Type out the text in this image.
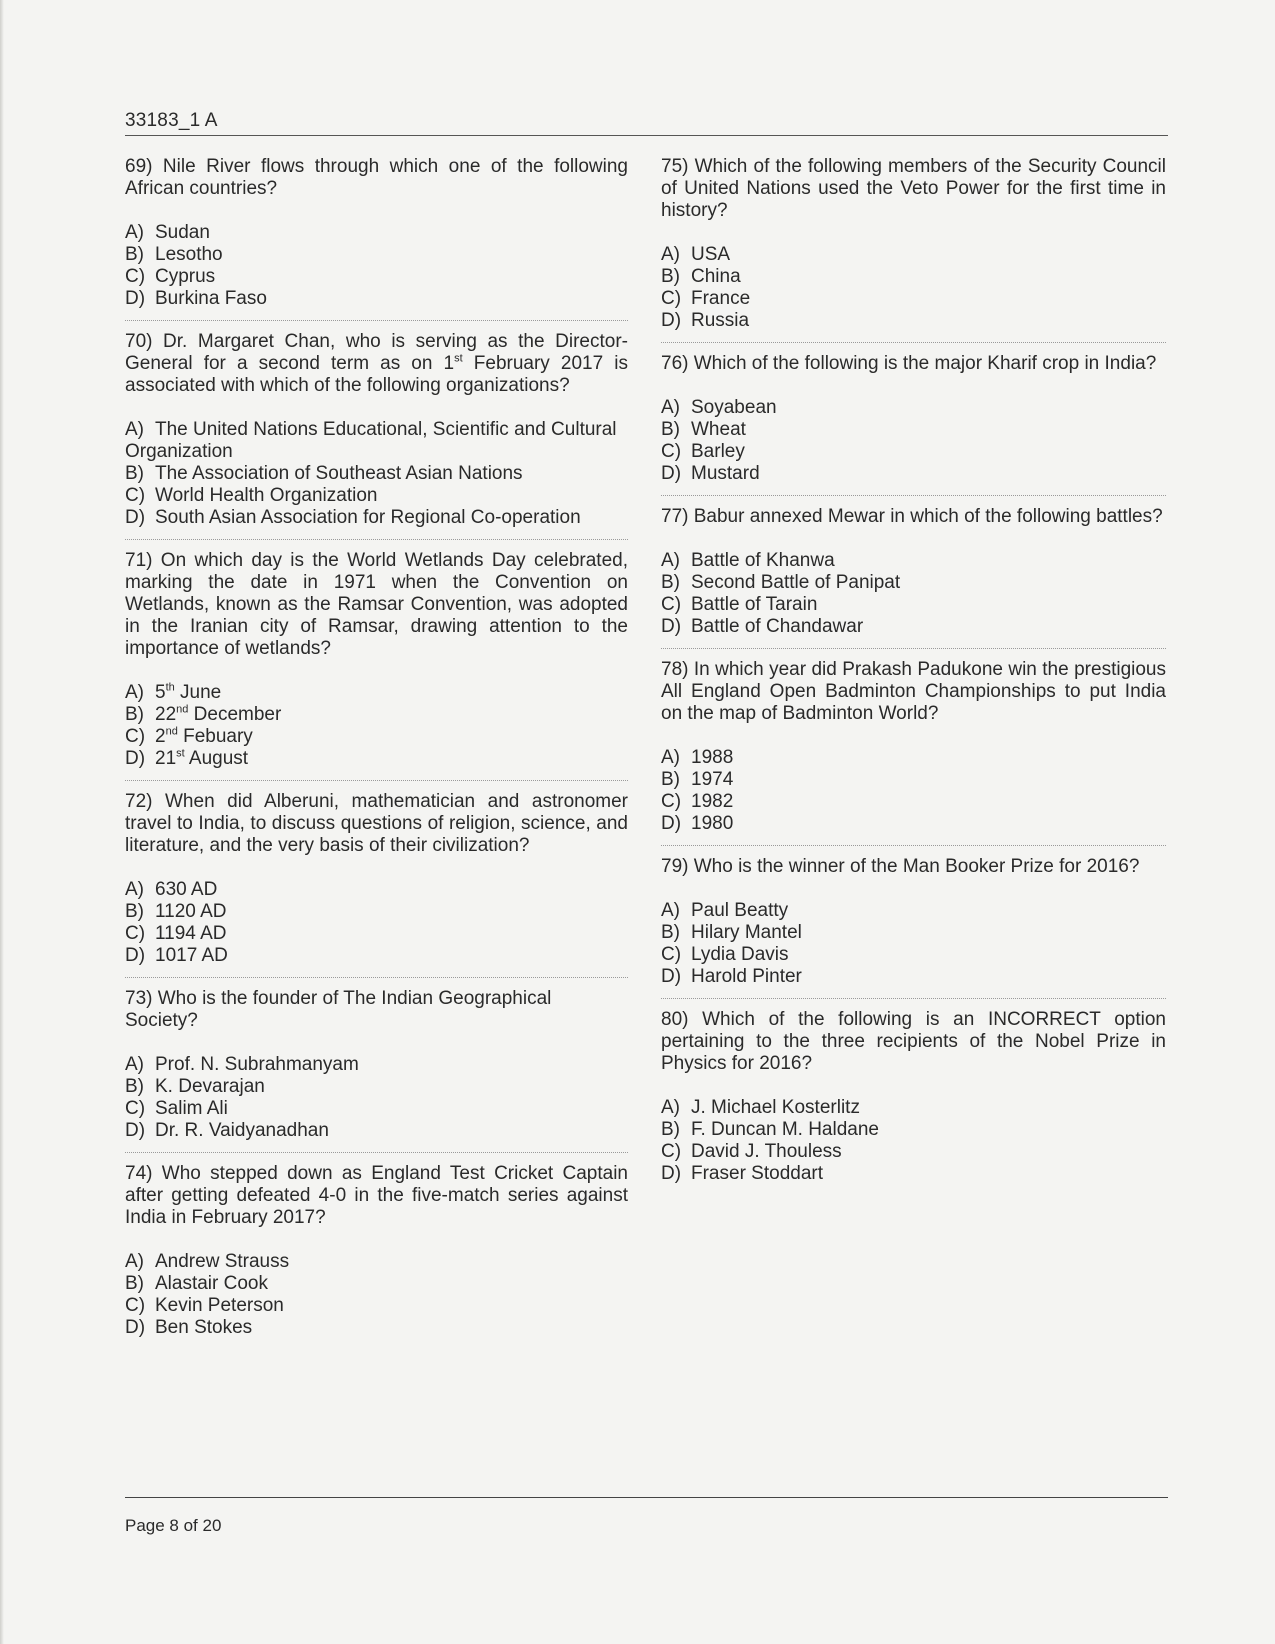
33183_1 A

69) Nile River flows through which one of the following African countries?

A) Sudan
B) Lesotho
C) Cyprus
D) Burkina Faso

70) Dr. Margaret Chan, who is serving as the Director-General for a second term as on 1st February 2017 is associated with which of the following organizations?

A) The United Nations Educational, Scientific and Cultural Organization
B) The Association of Southeast Asian Nations
C) World Health Organization
D) South Asian Association for Regional Co-operation

71) On which day is the World Wetlands Day celebrated, marking the date in 1971 when the Convention on Wetlands, known as the Ramsar Convention, was adopted in the Iranian city of Ramsar, drawing attention to the importance of wetlands?

A) 5th June
B) 22nd December
C) 2nd Febuary
D) 21st August

72) When did Alberuni, mathematician and astronomer travel to India, to discuss questions of religion, science, and literature, and the very basis of their civilization?

A) 630 AD
B) 1120 AD
C) 1194 AD
D) 1017 AD

73) Who is the founder of The Indian Geographical Society?

A) Prof. N. Subrahmanyam
B) K. Devarajan
C) Salim Ali
D) Dr. R. Vaidyanadhan

74) Who stepped down as England Test Cricket Captain after getting defeated 4-0 in the five-match series against India in February 2017?

A) Andrew Strauss
B) Alastair Cook
C) Kevin Peterson
D) Ben Stokes

75) Which of the following members of the Security Council of United Nations used the Veto Power for the first time in history?

A) USA
B) China
C) France
D) Russia

76) Which of the following is the major Kharif crop in India?

A) Soyabean
B) Wheat
C) Barley
D) Mustard

77) Babur annexed Mewar in which of the following battles?

A) Battle of Khanwa
B) Second Battle of Panipat
C) Battle of Tarain
D) Battle of Chandawar

78) In which year did Prakash Padukone win the prestigious All England Open Badminton Championships to put India on the map of Badminton World?

A) 1988
B) 1974
C) 1982
D) 1980

79) Who is the winner of the Man Booker Prize for 2016?

A) Paul Beatty
B) Hilary Mantel
C) Lydia Davis
D) Harold Pinter

80) Which of the following is an INCORRECT option pertaining to the three recipients of the Nobel Prize in Physics for 2016?

A) J. Michael Kosterlitz
B) F. Duncan M. Haldane
C) David J. Thouless
D) Fraser Stoddart
Page 8 of 20
